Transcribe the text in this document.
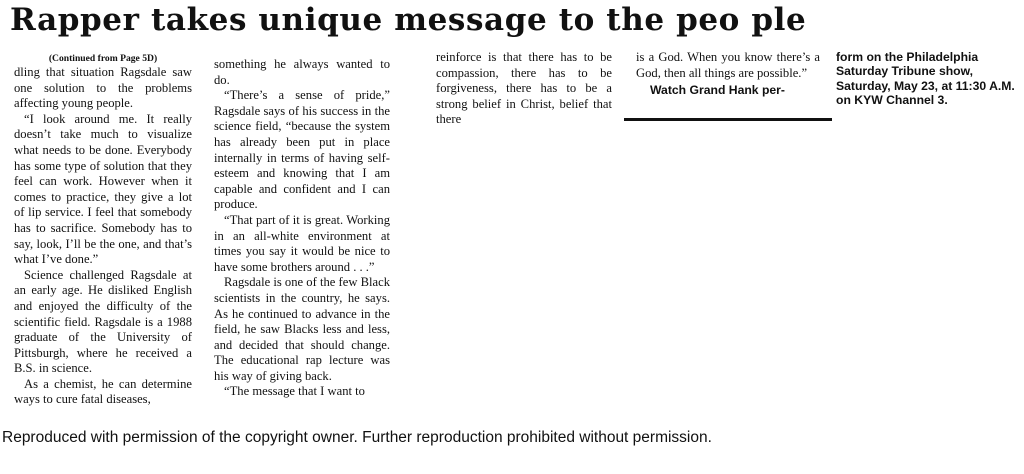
Rapper takes unique message to the peo ple

(Continued from Page 5D)

dling that situation Ragsdale saw one solution to the problems affecting young people.

“I look around me. It really doesn’t take much to visualize what needs to be done. Everybody has some type of solution that they feel can work. However when it comes to practice, they give a lot of lip service. I feel that somebody has to sacrifice. Somebody has to say, look, I’ll be the one, and that’s what I’ve done.”

Science challenged Ragsdale at an early age. He disliked English and enjoyed the difficulty of the scientific field. Ragsdale is a 1988 graduate of the University of Pittsburgh, where he received a B.S. in science.

As a chemist, he can determine ways to cure fatal diseases,

something he always wanted to do.

“There’s a sense of pride,” Ragsdale says of his success in the science field, “because the system has already been put in place internally in terms of having self-esteem and knowing that I am capable and confident and I can produce.

“That part of it is great. Working in an all-white environment at times you say it would be nice to have some brothers around . . .”

Ragsdale is one of the few Black scientists in the country, he says. As he continued to advance in the field, he saw Blacks less and less, and decided that should change. The educational rap lecture was his way of giving back.

“The message that I want to

reinforce is that there has to be compassion, there has to be forgiveness, there has to be a strong belief in Christ, belief that there

is a God. When you know there’s a God, then all things are possible.”

Watch Grand Hank per-

form on the Philadelphia Saturday Tribune show, Saturday, May 23, at 11:30 A.M. on KYW Channel 3.

Reproduced with permission of the copyright owner. Further reproduction prohibited without permission.
